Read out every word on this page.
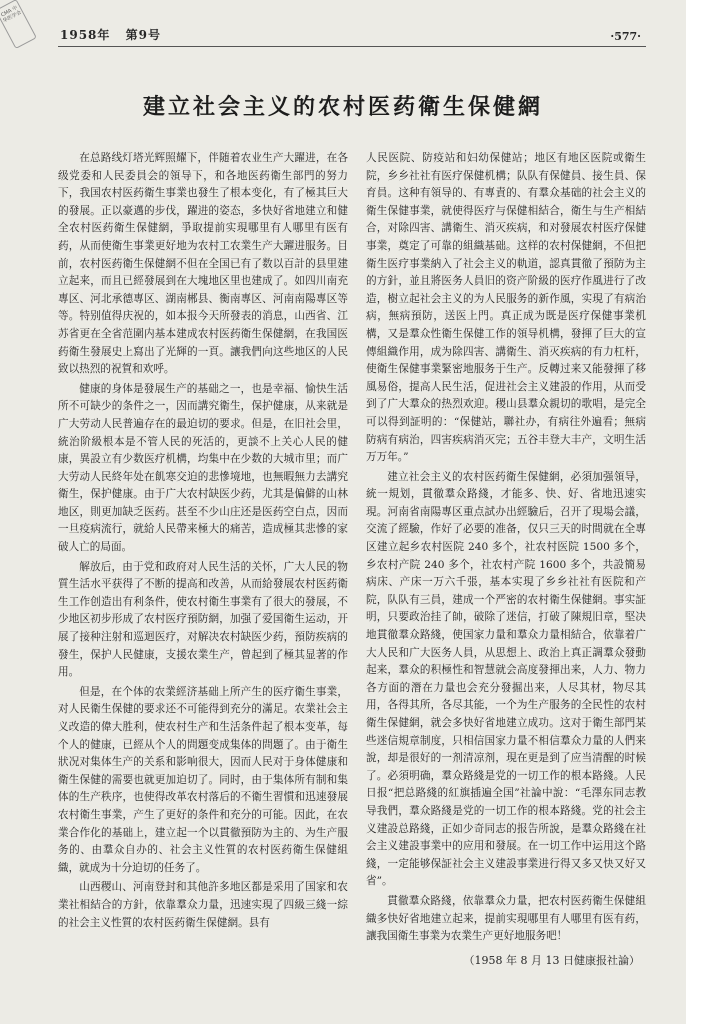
CMA 中华医学会
1958年 第9号	·577·
建立社会主义的农村医药衛生保健網

在总路线灯塔光辉照耀下，伴随着农业生产大躍进，在各级党委和人民委員会的領导下，和各地医药衛生部門的努力下，我国农村医药衛生事業也發生了根本变化，有了極其巨大的發展。正以豪邁的步伐，躍进的姿态，多快好省地建立和健全农村医药衛生保健網，爭取提前实現哪里有人哪里有医有药，从而使衛生事業更好地为农村工农業生产大躍进服务。目前，农村医药衛生保健網不但在全国已有了数以百計的县里建立起来，而且已經發展到在大塊地区里也建成了。如四川南充專区、河北承德專区、湖南郴县、衡南專区、河南南陽專区等等。特别值得庆祝的，如本报今天所發表的消息，山西省、江苏省更在全省范圍内基本建成农村医药衛生保健網，在我国医药衛生發展史上寫出了光輝的一頁。讓我們向这些地区的人民致以热烈的祝賀和欢呼。

健康的身体是發展生产的基础之一，也是幸福、愉快生活所不可缺少的条件之一，因而講究衛生，保护健康，从来就是广大劳动人民普遍存在的最迫切的要求。但是，在旧社会里，統治阶級根本是不管人民的死活的，更談不上关心人民的健康，異設立有少数医疗机構，均集中在少数的大城市里；而广大劳动人民終年处在飢寒交迫的悲慘境地，也無暇無力去講究衛生，保护健康。由于广大农村缺医少药，尤其是偏僻的山林地区，則更加缺乏医药。甚至不少山庄还是医药空白点，因而一旦疫病流行，就給人民帶来極大的痛苦，造成極其悲慘的家破人亡的局面。

解放后，由于党和政府对人民生活的关怀，广大人民的物質生活水平获得了不断的提高和改善，从而給發展农村医药衛生工作创造出有利条件，使农村衛生事業有了很大的發展，不少地区初步形成了农村医疗預防網，加强了爱国衛生运动，开展了接种注射和巡迴医疗，对解决农村缺医少药，預防疾病的發生，保护人民健康，支援农業生产，曾起到了極其显著的作用。

但是，在个体的农業經济基础上所产生的医疗衛生事業，对人民衛生保健的要求还不可能得到充分的滿足。农業社会主义改造的偉大胜利，使农村生产和生活条件起了根本变革，每个人的健康，已經从个人的問題变成集体的問題了。由于衛生狀况对集体生产的关系和影响很大，因而人民对于身体健康和衛生保健的需要也就更加迫切了。同时，由于集体所有制和集体的生产秩序，也使得改革农村落后的不衛生習慣和迅速發展农村衛生事業，产生了更好的条件和充分的可能。因此，在农業合作化的基础上，建立起一个以貫徹預防为主的、为生产服务的、由羣众自办的、社会主义性質的农村医药衛生保健組織，就成为十分迫切的任务了。

山西稷山、河南登封和其他許多地区都是采用了国家和农業社相結合的方針，依靠羣众力量，迅速实現了四級三綫一綜的社会主义性質的农村医药衛生保健網。县有

人民医院、防疫站和妇幼保健站；地区有地区医院或衛生院，乡乡社社有医疗保健机構；队队有保健員、接生員、保育員。这种有領导的、有專責的、有羣众基础的社会主义的衛生保健事業，就使得医疗与保健相結合，衛生与生产相結合，对除四害、講衛生、消灭疾病，和对發展农村医疗保健事業，奠定了可靠的組織基础。这样的农村保健網，不但把衛生医疗事業納入了社会主义的軌道，認真貫徹了預防为主的方針，並且將医务人員旧的资产阶級的医疗作風进行了改造，樹立起社会主义的为人民服务的新作風，实現了有病治病，無病預防，送医上門。真正成为既是医疗保健事業机構，又是羣众性衛生保健工作的領导机構，發揮了巨大的宣傳組織作用，成为除四害、講衛生、消灭疾病的有力杠杆，使衛生保健事業緊密地服务于生产。反轉过来又能發揮了移風易俗，提高人民生活，促进社会主义建設的作用，从而受到了广大羣众的热烈欢迎。稷山县羣众親切的歌唱，是完全可以得到証明的：“保健站，聯社办，有病往外遍看；無病防病有病治，四害疾病消灭完；五谷丰登大丰产，文明生活万万年。”

建立社会主义的农村医药衛生保健網，必須加强領导，統一規划，貫徹羣众路綫，才能多、快、好、省地迅速实現。河南省南陽專区重点試办出經驗后，召开了現場会議，交流了經驗，作好了必要的准备，仅只三天的时間就在全專区建立起乡农村医院 240 多个，社农村医院 1500 多个，乡农村产院 240 多个，社农村产院 1600 多个，共設簡易病床、产床一万六千張，基本实現了乡乡社社有医院和产院，队队有三員，建成一个严密的农村衛生保健網。事实証明，只要政治挂了帥，破除了迷信，打破了陳規旧章，堅决地貫徹羣众路綫，使国家力量和羣众力量相結合，依靠着广大人民和广大医务人員，从思想上、政治上真正調羣众發動起来，羣众的积極性和智慧就会高度發揮出来，人力、物力各方面的潛在力量也会充分發掘出来，人尽其材，物尽其用，各得其所，各尽其能，一个为生产服务的全民性的农村衛生保健網，就会多快好省地建立成功。这对于衛生部門某些迷信規章制度，只相信国家力量不相信羣众力量的人們来說，却是很好的一剂清凉剂，現在更是到了应当清醒的时候了。必須明确，羣众路綫是党的一切工作的根本路綫。人民日报“把总路綫的紅旗插遍全国”社論中說：“毛澤东同志教导我們，羣众路綫是党的一切工作的根本路綫。党的社会主义建設总路綫，正如少奇同志的报告所說，是羣众路綫在社会主义建設事業中的应用和發展。在一切工作中运用这个路綫，一定能够保証社会主义建設事業进行得又多又快又好又省”。

貫徹羣众路綫，依靠羣众力量，把农村医药衛生保健組織多快好省地建立起来，提前实現哪里有人哪里有医有药，讓我国衛生事業为农業生产更好地服务吧！

（1958 年 8 月 13 日健康报社論）
